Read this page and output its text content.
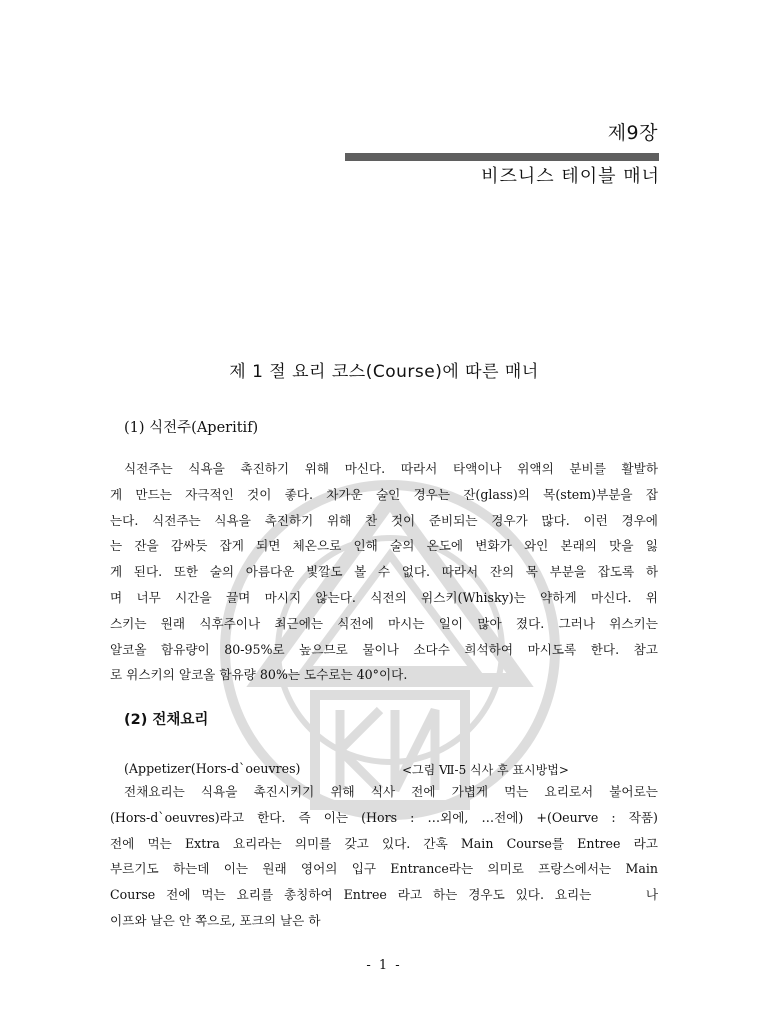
제9장
비즈니스 테이블 매너
제 1 절 요리 코스(Course)에 따른 매너
(1) 식전주(Aperitif)
식전주는 식욕을 촉진하기 위해 마신다. 따라서 타액이나 위액의 분비를 활발하
게 만드는 자극적인 것이 좋다. 차가운 술인 경우는 잔(glass)의 목(stem)부분을 잡
는다. 식전주는 식욕을 촉진하기 위해 찬 것이 준비되는 경우가 많다. 이런 경우에
는 잔을 감싸듯 잡게 되면 체온으로 인해 술의 온도에 변화가 와인 본래의 맛을 잃
게 된다. 또한 술의 아름다운 빛깔도 볼 수 없다. 따라서 잔의 목 부분을 잡도록 하
며 너무 시간을 끌며 마시지 않는다. 식전의 위스키(Whisky)는 약하게 마신다. 위
스키는 원래 식후주이나 최근에는 식전에 마시는 일이 많아 졌다. 그러나 위스키는
알코올 함유량이 80-95%로 높으므로 물이나 소다수 희석하여 마시도록 한다. 참고
로 위스키의 알코올 함유량 80%는 도수로는 40°이다.
(2) 전채요리
(Appetizer(Hors-d`oeuvres)	<그림 Ⅶ-5 식사 후 표시방법>
전채요리는 식욕을 촉진시키기 위해 식사 전에 가볍게 먹는 요리로서 불어로는
(Hors-d`oeuvres)라고 한다. 즉 이는 (Hors : …외에, …전에) +(Oeurve : 작품)
전에 먹는 Extra 요리라는 의미를 갖고 있다. 간혹 Main Course를 Entree 라고
부르기도 하는데 이는 원래 영어의 입구 Entrance라는 의미로 프랑스에서는 Main
Course 전에 먹는 요리를 총칭하여 Entree 라고 하는 경우도 있다. 요리는	나
이프와 날은 안 쪽으로, 포크의 날은 하
- 1 -
